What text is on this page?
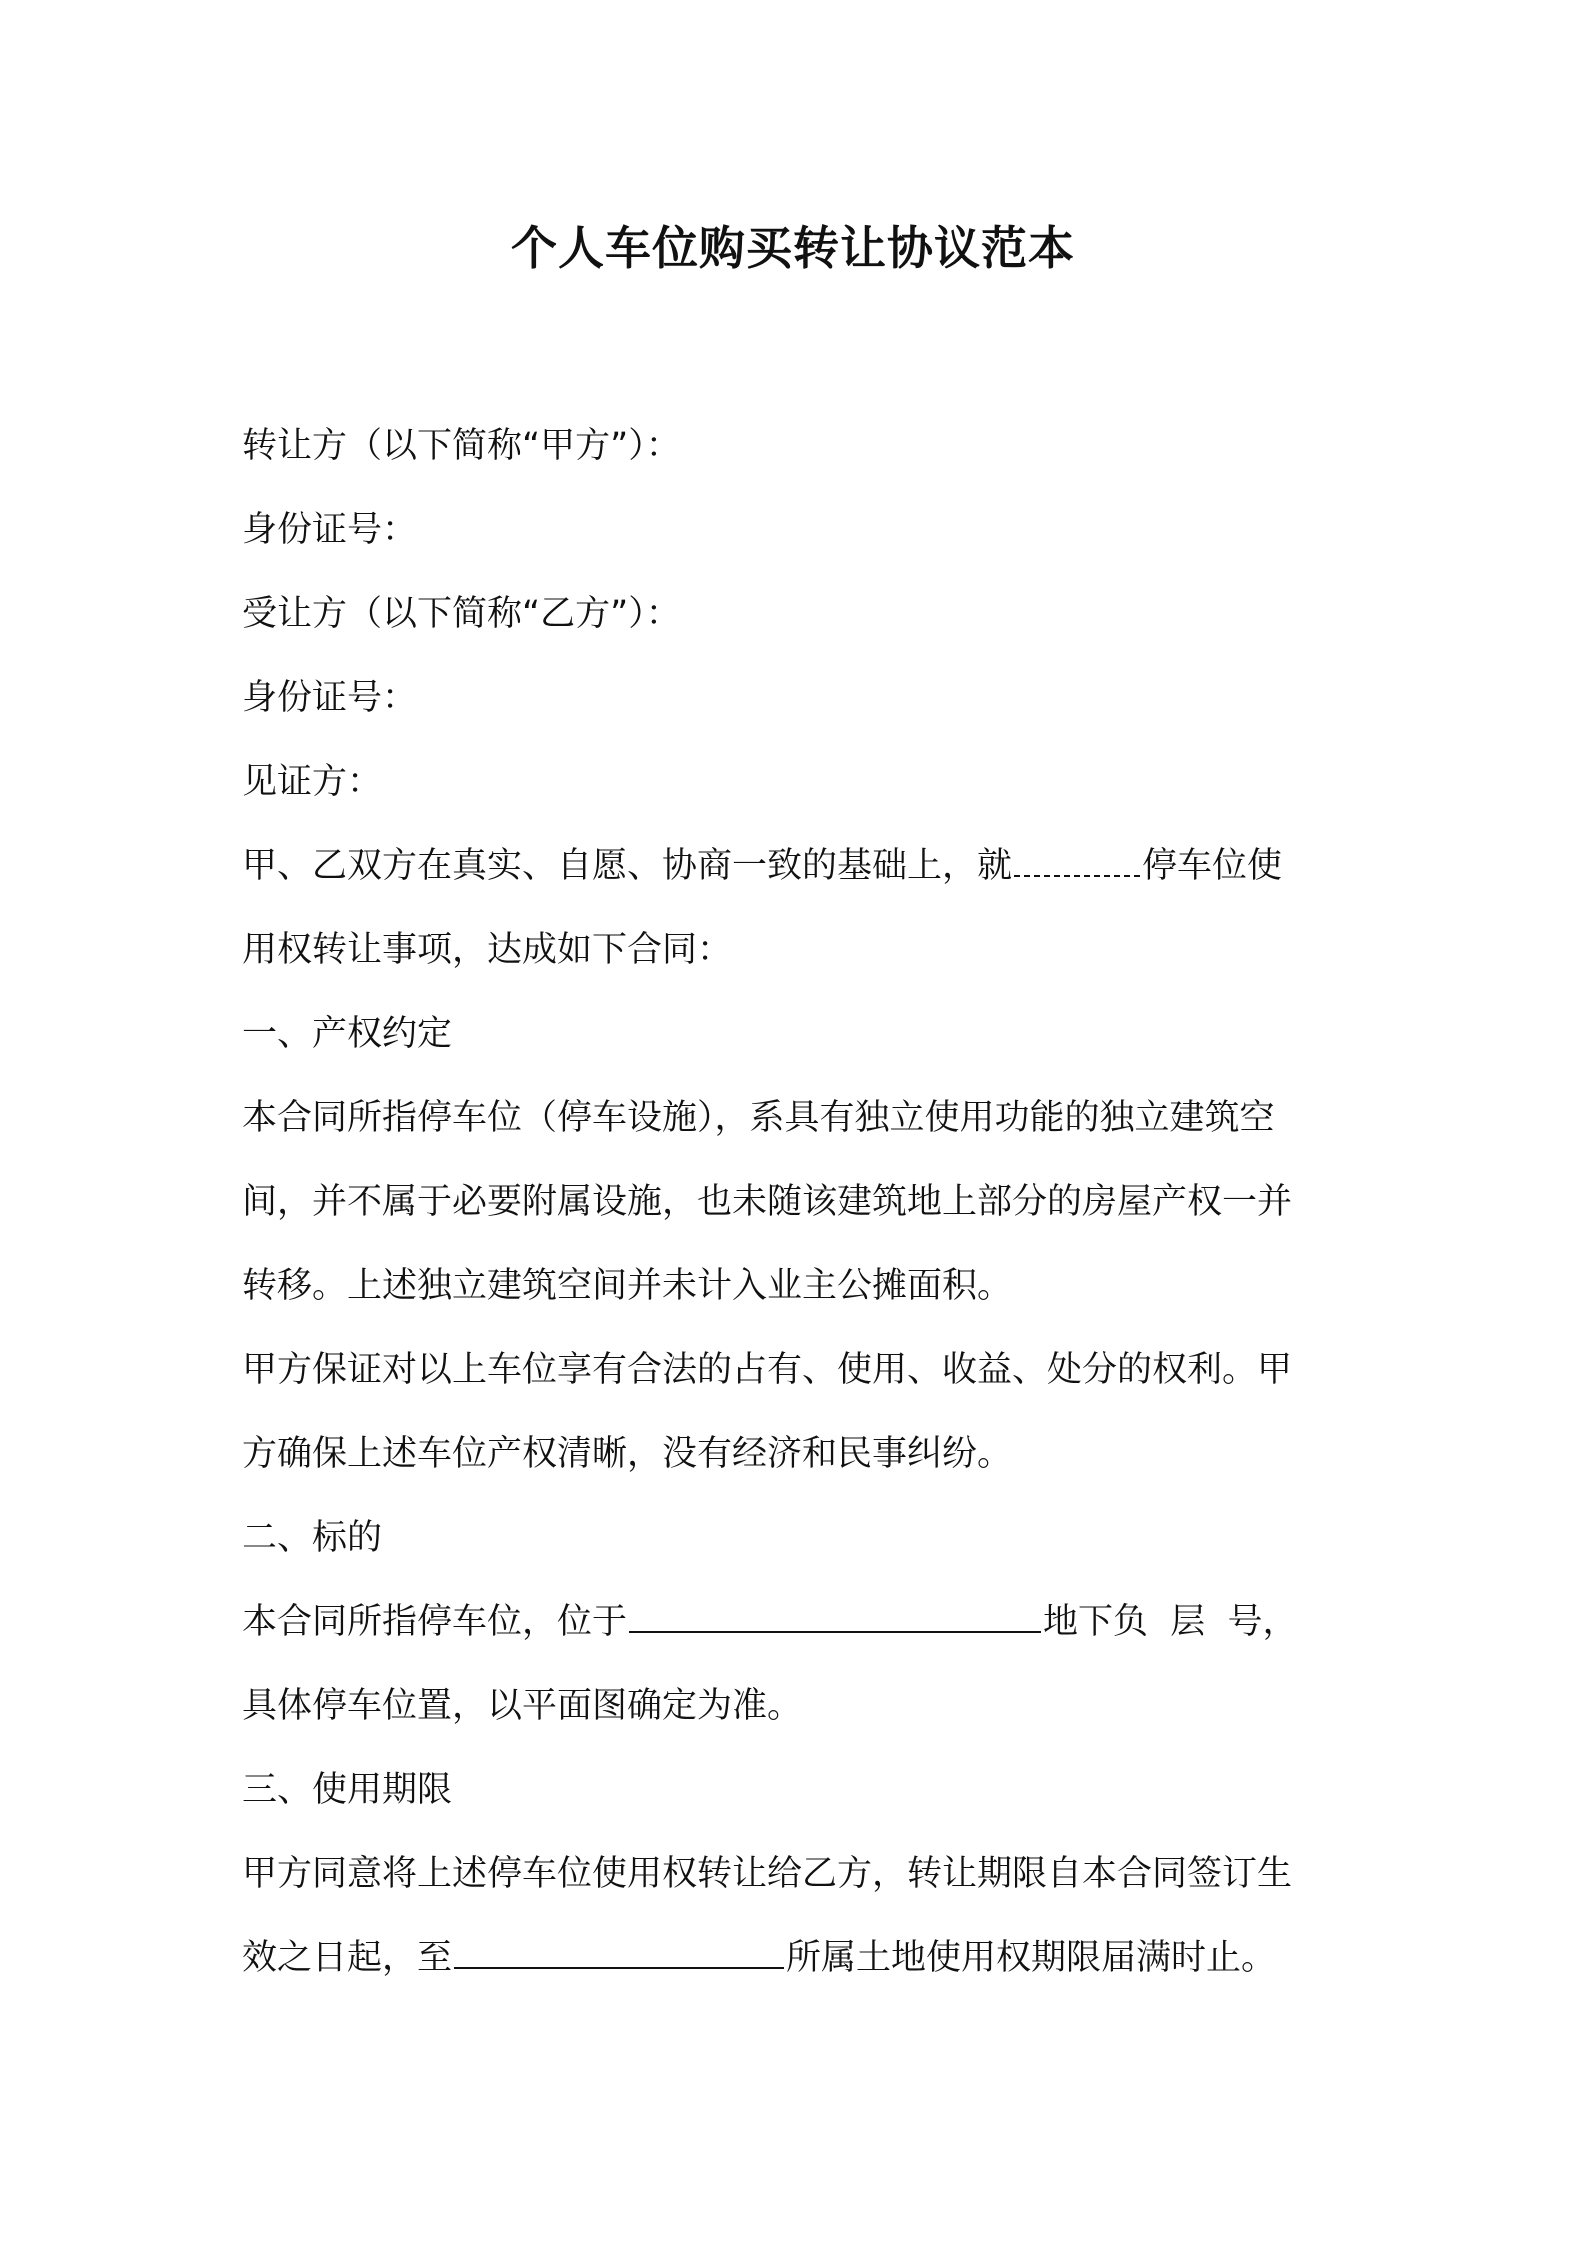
个人车位购买转让协议范本
转让方（以下简称“甲方”）：
身份证号：
受让方（以下简称“乙方”）：
身份证号：
见证方：
甲、乙双方在真实、自愿、协商一致的基础上，就	停车位使
用权转让事项，达成如下合同：
一、产权约定
本合同所指停车位（停车设施），系具有独立使用功能的独立建筑空
间，并不属于必要附属设施，也未随该建筑地上部分的房屋产权一并
转移。上述独立建筑空间并未计入业主公摊面积。
甲方保证对以上车位享有合法的占有、使用、收益、处分的权利。甲
方确保上述车位产权清晰，没有经济和民事纠纷。
二、标的
本合同所指停车位，位于	地下负  层  号，
具体停车位置，以平面图确定为准。
三、使用期限
甲方同意将上述停车位使用权转让给乙方，转让期限自本合同签订生
效之日起，至	所属土地使用权期限届满时止。
